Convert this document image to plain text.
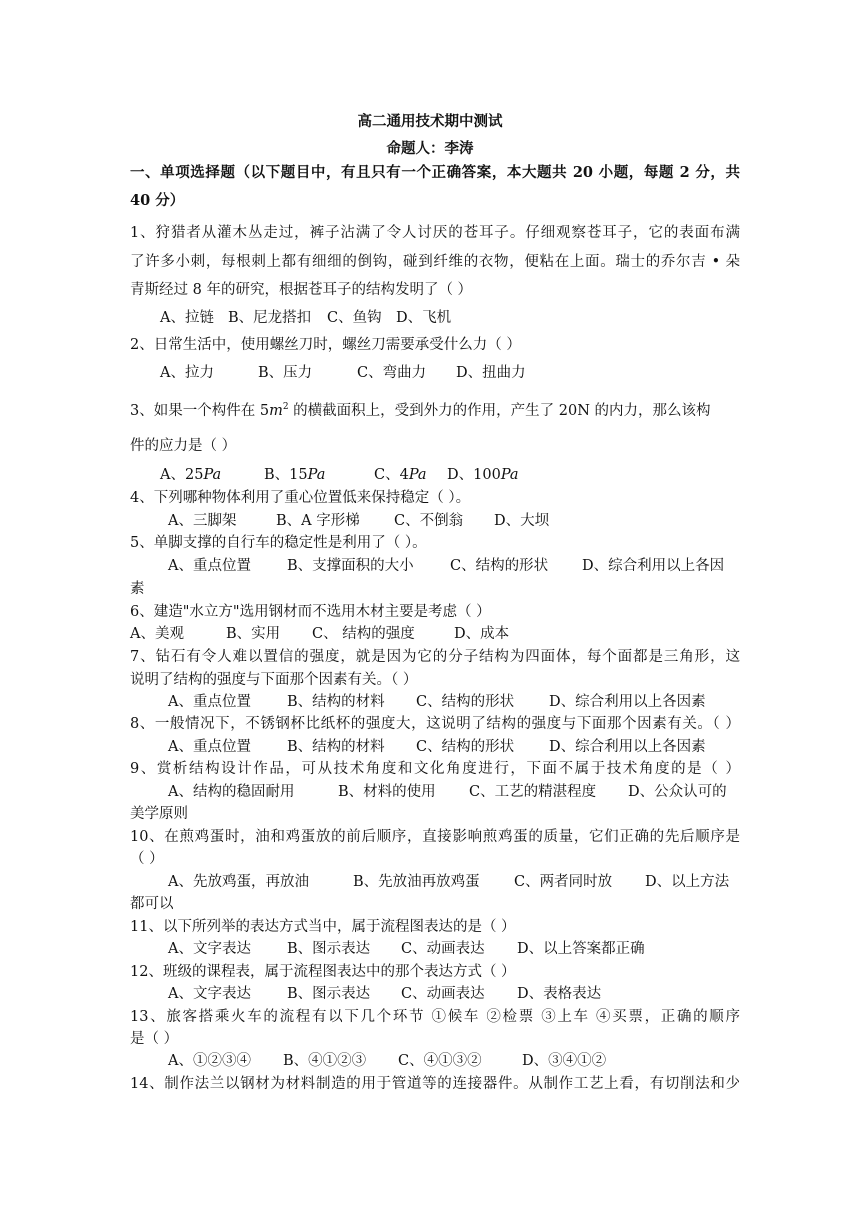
高二通用技术期中测试
命题人：李涛
一、单项选择题（以下题目中，有且只有一个正确答案，本大题共 20 小题，每题 2 分，共
40 分）
1、狩猎者从灌木丛走过，裤子沾满了令人讨厌的苍耳子。仔细观察苍耳子，它的表面布满
了许多小刺，每根刺上都有细细的倒钩，碰到纤维的衣物，便粘在上面。瑞士的乔尔吉 • 朵
青斯经过 8 年的研究，根据苍耳子的结构发明了（ ）
A、拉链 B、尼龙搭扣 C、鱼钩 D、飞机
2、日常生活中，使用螺丝刀时，螺丝刀需要承受什么力（ ）
A、拉力	B、压力	C、弯曲力 D、扭曲力
3、如果一个构件在 $5m^2$ 的横截面积上，受到外力的作用，产生了 20N 的内力，那么该构
件的应力是（ ）
A、25Pa	B、15Pa	C、4Pa D、100Pa
4、下列哪种物体利用了重心位置低来保持稳定（ ）。
A、三脚架	B、A 字形梯 C、不倒翁 D、大坝
5、单脚支撑的自行车的稳定性是利用了（ ）。
A、重点位置 B、支撑面积的大小	C、结构的形状 D、综合利用以上各因
素
6、建造"水立方"选用钢材而不选用木材主要是考虑（ ）
A、美观	B、实用 C、 结构的强度	D、成本
7、钻石有令人难以置信的强度，就是因为它的分子结构为四面体，每个面都是三角形，这
说明了结构的强度与下面那个因素有关。（ ）
A、重点位置 B、结构的材料 C、结构的形状 D、综合利用以上各因素
8、一般情况下，不锈钢杯比纸杯的强度大，这说明了结构的强度与下面那个因素有关。（ ）
A、重点位置 B、结构的材料 C、结构的形状 D、综合利用以上各因素
9、赏析结构设计作品，可从技术角度和文化角度进行，下面不属于技术角度的是（ ）
A、结构的稳固耐用	B、材料的使用 C、工艺的精湛程度 D、公众认可的
美学原则
10、在煎鸡蛋时，油和鸡蛋放的前后顺序，直接影响煎鸡蛋的质量，它们正确的先后顺序是
（ ）
A、先放鸡蛋，再放油	B、先放油再放鸡蛋 C、两者同时放 D、以上方法
都可以
11、以下所列举的表达方式当中，属于流程图表达的是（ ）
A、文字表达 B、图示表达 C、动画表达 D、以上答案都正确
12、班级的课程表，属于流程图表达中的那个表达方式（ ）
A、文字表达 B、图示表达 C、动画表达 D、表格表达
13、旅客搭乘火车的流程有以下几个环节 ①候车 ②检票 ③上车 ④买票，正确的顺序
是（ ）
A、①②③④ B、④①②③ C、④①③②	D、③④①②
14、制作法兰以钢材为材料制造的用于管道等的连接器件。从制作工艺上看，有切削法和少
